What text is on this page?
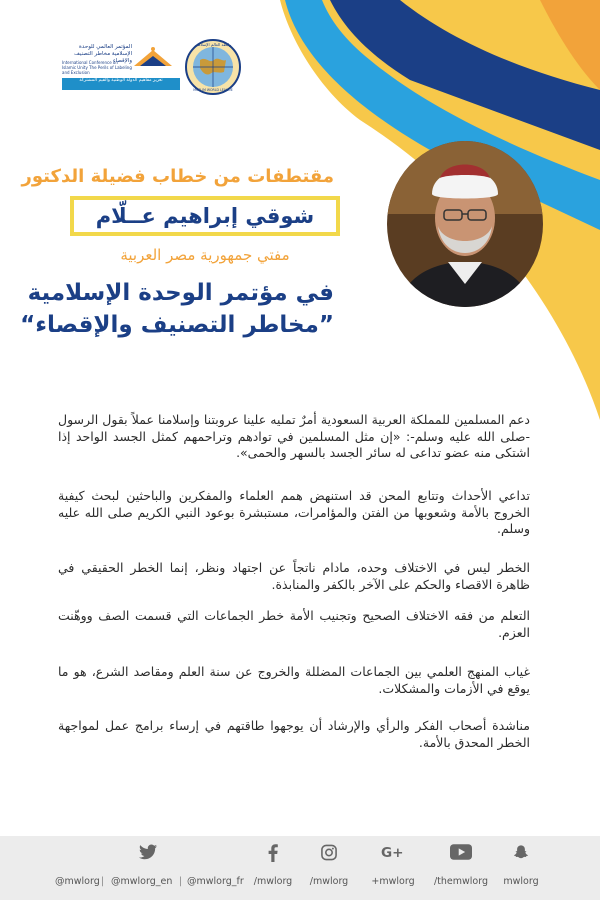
المؤتمر العالمي للوحدة الإسلامية مخاطر التصنيف والإقصاء
International Conference on Islamic Unity The Perils of Labeling and Exclusion
تعزيز مفاهيم الدولة الوطنية والقيم المشتركة
رابطة العالم الإسلامي
MUSLIM WORLD LEAGUE
مقتطفات من خطاب فضيلة الدكتور
شوقي إبراهيم عــلّام
مفتي جمهورية مصر العربية
في مؤتمر الوحدة الإسلامية
”مخاطر التصنيف والإقصاء“

دعم المسلمين للمملكة العربية السعودية أمرٌ تمليه علينا عروبتنا وإسلامنا عملاً بقول الرسول -صلى الله عليه وسلم-: «إن مثل المسلمين في توادهم وتراحمهم كمثل الجسد الواحد إذا اشتكى منه عضو تداعى له سائر الجسد بالسهر والحمى».

تداعي الأحداث وتتابع المحن قد استنهض همم العلماء والمفكرين والباحثين لبحث كيفية الخروج بالأمة وشعوبها من الفتن والمؤامرات، مستبشرة بوعود النبي الكريم صلى الله عليه وسلم.

الخطر ليس في الاختلاف وحده، مادام ناتجاً عن اجتهاد ونظر، إنما الخطر الحقيقي في ظاهرة الاقصاء والحكم على الآخر بالكفر والمنابذة.

التعلم من فقه الاختلاف الصحيح وتجنيب الأمة خطر الجماعات التي قسمت الصف ووهّنت العزم.

غياب المنهج العلمي بين الجماعات المضللة والخروج عن سنة العلم ومقاصد الشرع، هو ما يوقع في الأزمات والمشكلات.

مناشدة أصحاب الفكر والرأي والإرشاد أن يوجهوا طاقتهم في إرساء برامج عمل لمواجهة الخطر المحدق بالأمة.

@mwlorg | @mwlorg_en | @mwlorg_fr	/mwlorg	/mwlorg
G+
+mwlorg	/themwlorg	mwlorg
